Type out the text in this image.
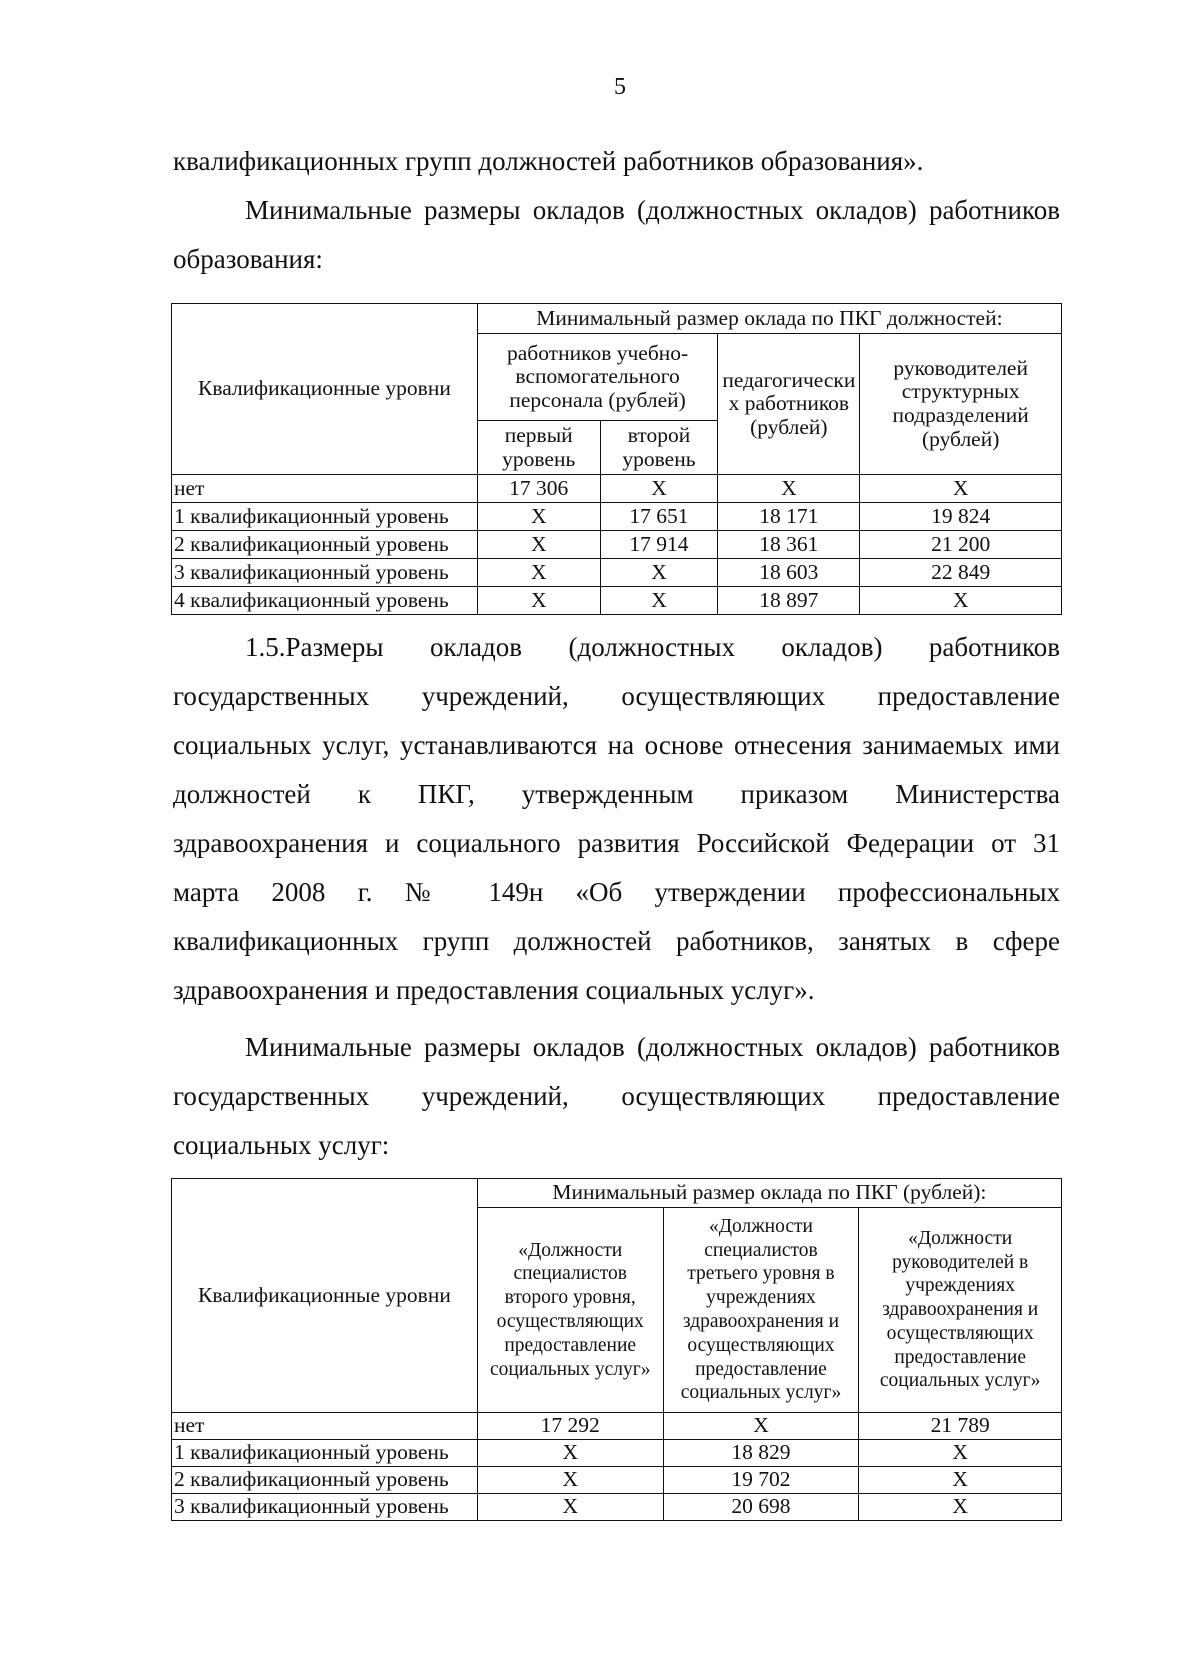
5

квалификационных групп должностей работников образования».

Минимальные размеры окладов (должностных окладов) работников образования:

Квалификационные уровни	Минимальный размер оклада по ПКГ должностей:			
	работников учебно-вспомогательного персонала (рублей)		педагогически х работников (рублей)	руководителей структурных подразделений (рублей)
	первый уровень	второй уровень		
нет	17 306	X	X	X
1 квалификационный уровень	X	17 651	18 171	19 824
2 квалификационный уровень	X	17 914	18 361	21 200
3 квалификационный уровень	X	X	18 603	22 849
4 квалификационный уровень	X	X	18 897	X

1.5.Размеры окладов (должностных окладов) работников государственных учреждений, осуществляющих предоставление социальных услуг, устанавливаются на основе отнесения занимаемых ими должностей к ПКГ, утвержденным приказом Министерства здравоохранения и социального развития Российской Федерации от 31 марта 2008 г. № 149н «Об утверждении профессиональных квалификационных групп должностей работников, занятых в сфере здравоохранения и предоставления социальных услуг».

Минимальные размеры окладов (должностных окладов) работников государственных учреждений, осуществляющих предоставление социальных услуг:

Квалификационные уровни	Минимальный размер оклада по ПКГ (рублей):		
	«Должности специалистов второго уровня, осуществляющих предоставление социальных услуг»	«Должности специалистов третьего уровня в учреждениях здравоохранения и осуществляющих предоставление социальных услуг»	«Должности руководителей в учреждениях здравоохранения и осуществляющих предоставление социальных услуг»
нет	17 292	X	21 789
1 квалификационный уровень	X	18 829	X
2 квалификационный уровень	X	19 702	X
3 квалификационный уровень	X	20 698	X
